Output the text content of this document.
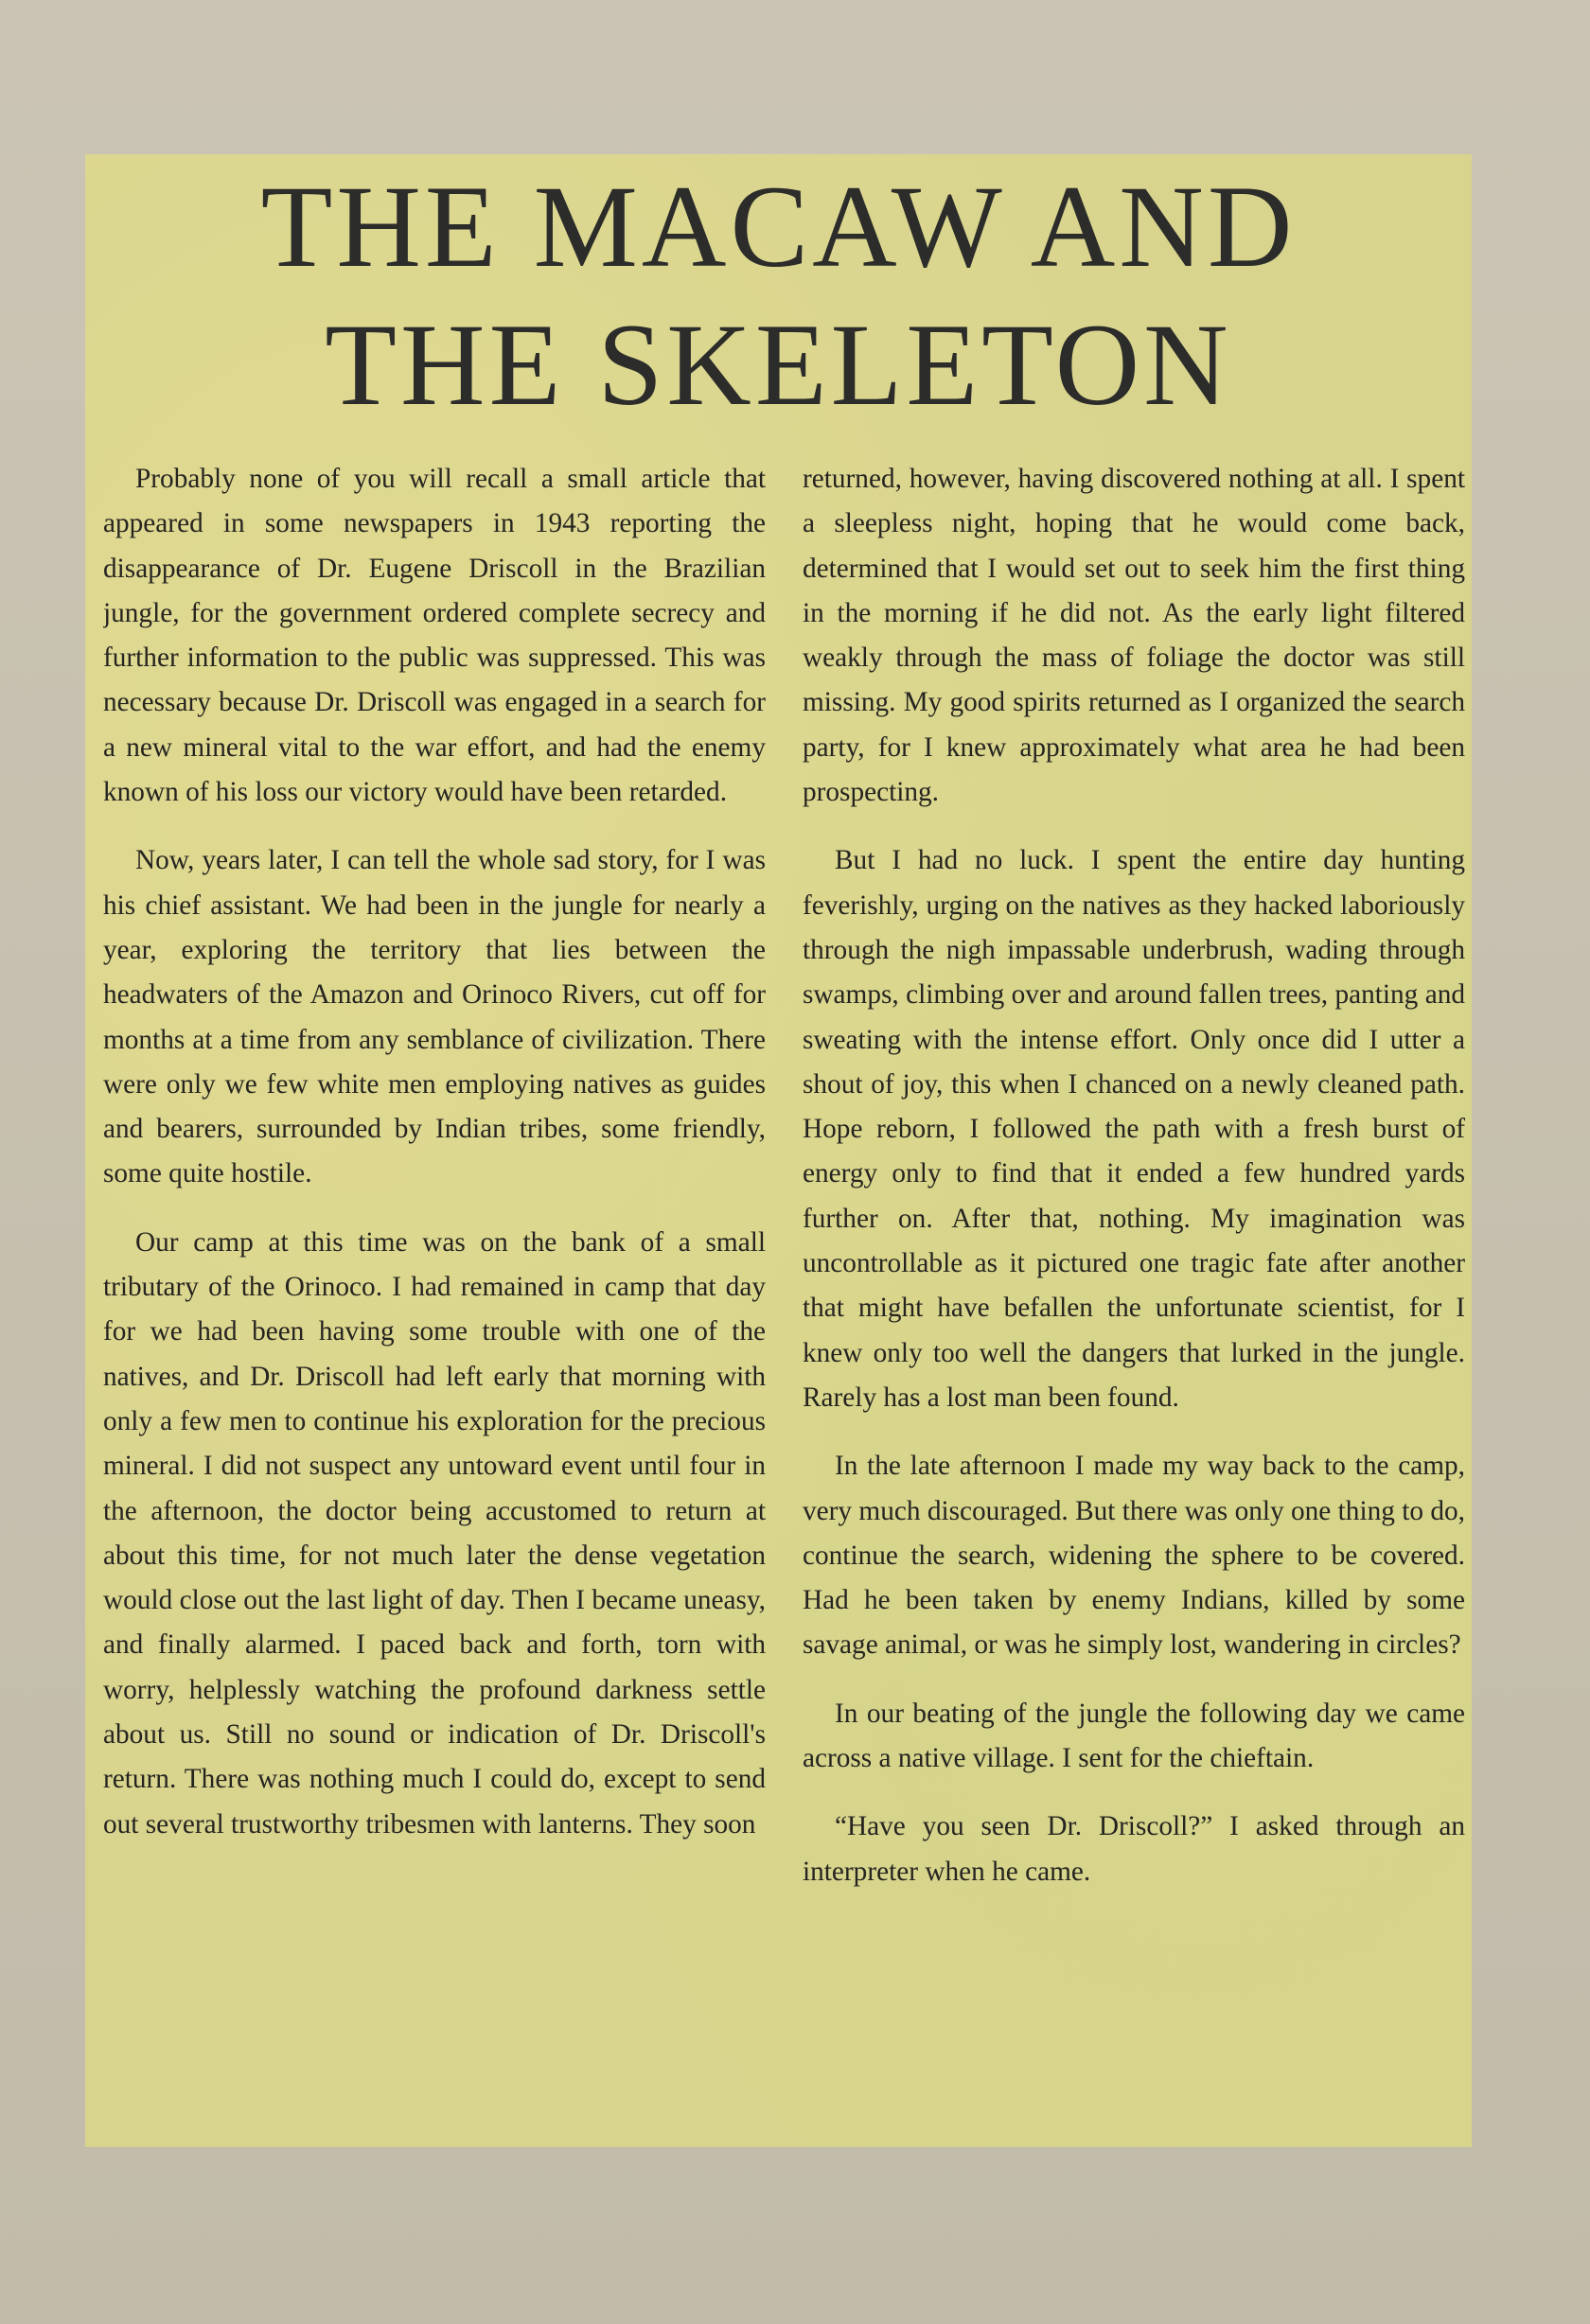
THE MACAW AND
THE SKELETON

Probably none of you will recall a small article that appeared in some newspapers in 1943 reporting the disappearance of Dr. Eugene Driscoll in the Brazilian jungle, for the government ordered complete secrecy and further information to the public was suppressed. This was necessary because Dr. Driscoll was engaged in a search for a new mineral vital to the war effort, and had the enemy known of his loss our victory would have been retarded.

Now, years later, I can tell the whole sad story, for I was his chief assistant. We had been in the jungle for nearly a year, exploring the territory that lies between the headwaters of the Amazon and Orinoco Rivers, cut off for months at a time from any semblance of civilization. There were only we few white men employing natives as guides and bearers, surrounded by Indian tribes, some friendly, some quite hostile.

Our camp at this time was on the bank of a small tributary of the Orinoco. I had remained in camp that day for we had been having some trouble with one of the natives, and Dr. Driscoll had left early that morning with only a few men to continue his exploration for the precious mineral. I did not suspect any untoward event until four in the afternoon, the doctor being accustomed to return at about this time, for not much later the dense vegetation would close out the last light of day. Then I became uneasy, and finally alarmed. I paced back and forth, torn with worry, helplessly watching the profound darkness settle about us. Still no sound or indication of Dr. Driscoll's return. There was nothing much I could do, except to send out several trustworthy tribesmen with lanterns. They soon

returned, however, having discovered nothing at all. I spent a sleepless night, hoping that he would come back, determined that I would set out to seek him the first thing in the morning if he did not. As the early light filtered weakly through the mass of foliage the doctor was still missing. My good spirits returned as I organized the search party, for I knew approximately what area he had been prospecting.

But I had no luck. I spent the entire day hunting feverishly, urging on the natives as they hacked laboriously through the nigh impassable underbrush, wading through swamps, climbing over and around fallen trees, panting and sweating with the intense effort. Only once did I utter a shout of joy, this when I chanced on a newly cleaned path. Hope reborn, I followed the path with a fresh burst of energy only to find that it ended a few hundred yards further on. After that, nothing. My imagination was uncontrollable as it pictured one tragic fate after another that might have befallen the unfortunate scientist, for I knew only too well the dangers that lurked in the jungle. Rarely has a lost man been found.

In the late afternoon I made my way back to the camp, very much discouraged. But there was only one thing to do, continue the search, widening the sphere to be covered. Had he been taken by enemy Indians, killed by some savage animal, or was he simply lost, wandering in circles?

In our beating of the jungle the following day we came across a native village. I sent for the chieftain.

“Have you seen Dr. Driscoll?” I asked through an interpreter when he came.
